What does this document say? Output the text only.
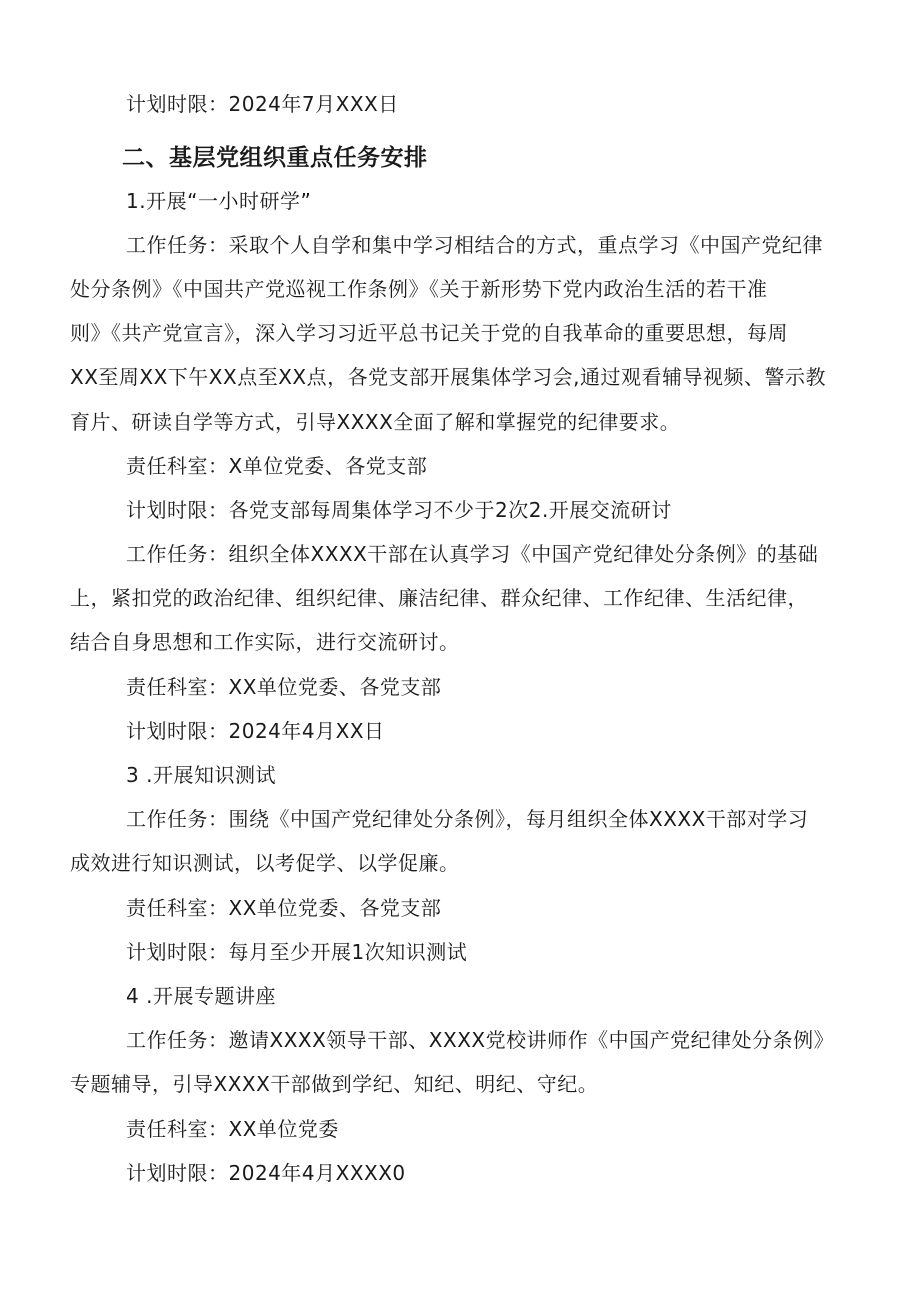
计划时限：2024年7月XXX日
二、基层党组织重点任务安排
1.开展“一小时研学”
工作任务：采取个人自学和集中学习相结合的方式，重点学习《中国产党纪律
处分条例》《中国共产党巡视工作条例》《关于新形势下党内政治生活的若干准
则》《共产党宣言》，深入学习习近平总书记关于党的自我革命的重要思想，每周
XX至周XX下午XX点至XX点，各党支部开展集体学习会,通过观看辅导视频、警示教
育片、研读自学等方式，引导XXXX全面了解和掌握党的纪律要求。
责任科室：X单位党委、各党支部
计划时限：各党支部每周集体学习不少于2次2.开展交流研讨
工作任务：组织全体XXXX干部在认真学习《中国产党纪律处分条例》的基础
上，紧扣党的政治纪律、组织纪律、廉洁纪律、群众纪律、工作纪律、生活纪律，
结合自身思想和工作实际，进行交流研讨。
责任科室：XX单位党委、各党支部
计划时限：2024年4月XX日
3 .开展知识测试
工作任务：围绕《中国产党纪律处分条例》，每月组织全体XXXX干部对学习
成效进行知识测试，以考促学、以学促廉。
责任科室：XX单位党委、各党支部
计划时限：每月至少开展1次知识测试
4 .开展专题讲座
工作任务：邀请XXXX领导干部、XXXX党校讲师作《中国产党纪律处分条例》
专题辅导，引导XXXX干部做到学纪、知纪、明纪、守纪。
责任科室：XX单位党委
计划时限：2024年4月XXXX0
